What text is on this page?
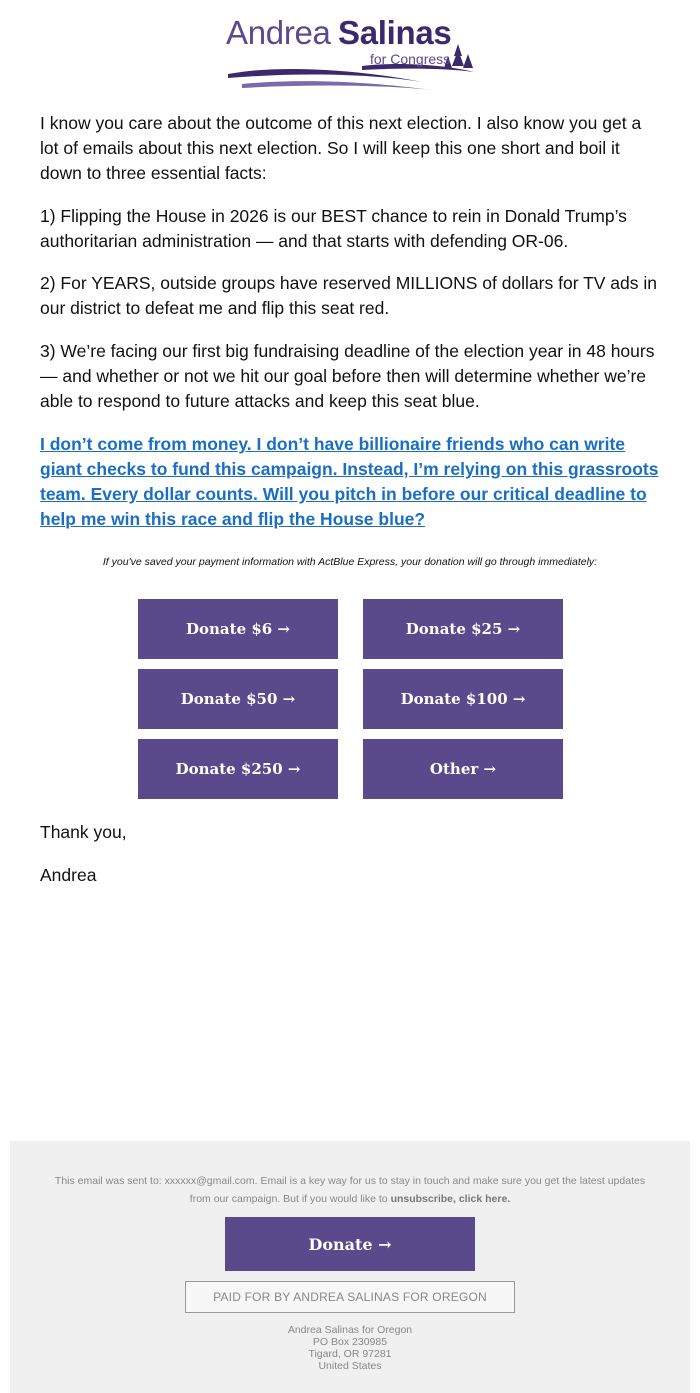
Andrea Salinas
for Congress

I know you care about the outcome of this next election. I also know you get a lot of emails about this next election. So I will keep this one short and boil it down to three essential facts:

1) Flipping the House in 2026 is our BEST chance to rein in Donald Trump’s authoritarian administration — and that starts with defending OR-06.

2) For YEARS, outside groups have reserved MILLIONS of dollars for TV ads in our district to defeat me and flip this seat red.

3) We’re facing our first big fundraising deadline of the election year in 48 hours — and whether or not we hit our goal before then will determine whether we’re able to respond to future attacks and keep this seat blue.

I don’t come from money. I don’t have billionaire friends who can write giant checks to fund this campaign. Instead, I’m relying on this grassroots team. Every dollar counts. Will you pitch in before our critical deadline to help me win this race and flip the House blue?
If you've saved your payment information with ActBlue Express, your donation will go through immediately:
Donate $6 →	Donate $25 →
Donate $50 →	Donate $100 →
Donate $250 →	Other →
Thank you,
Andrea
This email was sent to: xxxxxx@gmail.com. Email is a key way for us to stay in touch and make sure you get the latest updates from our campaign. But if you would like to unsubscribe, click here.
Donate →
PAID FOR BY ANDREA SALINAS FOR OREGON
Andrea Salinas for Oregon
PO Box 230985
Tigard, OR 97281
United States
